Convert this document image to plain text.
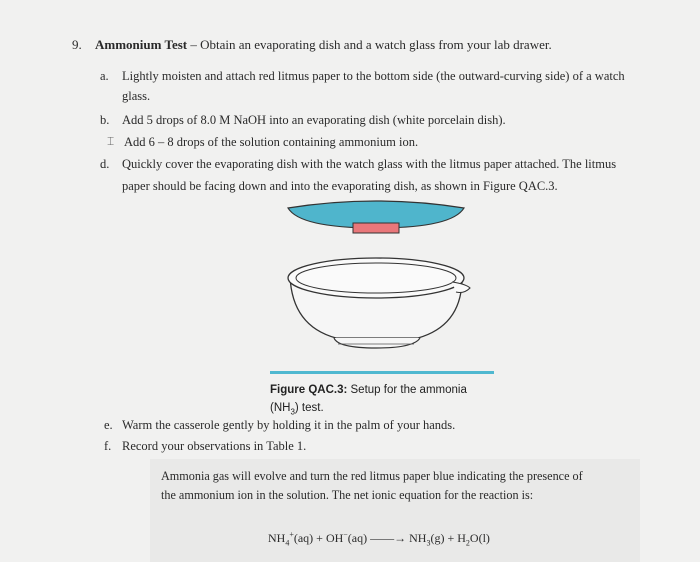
9. Ammonium Test – Obtain an evaporating dish and a watch glass from your lab drawer.
a. Lightly moisten and attach red litmus paper to the bottom side (the outward-curving side) of a watch
glass.
b. Add 5 drops of 8.0 M NaOH into an evaporating dish (white porcelain dish).
⌶ Add 6 – 8 drops of the solution containing ammonium ion.
d. Quickly cover the evaporating dish with the watch glass with the litmus paper attached. The litmus
paper should be facing down and into the evaporating dish, as shown in Figure QAC.3.
Figure QAC.3: Setup for the ammonia
$(NH_3)$ test.
e. Warm the casserole gently by holding it in the palm of your hands.
f. Record your observations in Table 1.
Ammonia gas will evolve and turn the red litmus paper blue indicating the presence of
the ammonium ion in the solution. The net ionic equation for the reaction is:
$NH_4^+(aq) + OH^-(aq)$ ——→ $NH_3(g) + H_2O(l)$
